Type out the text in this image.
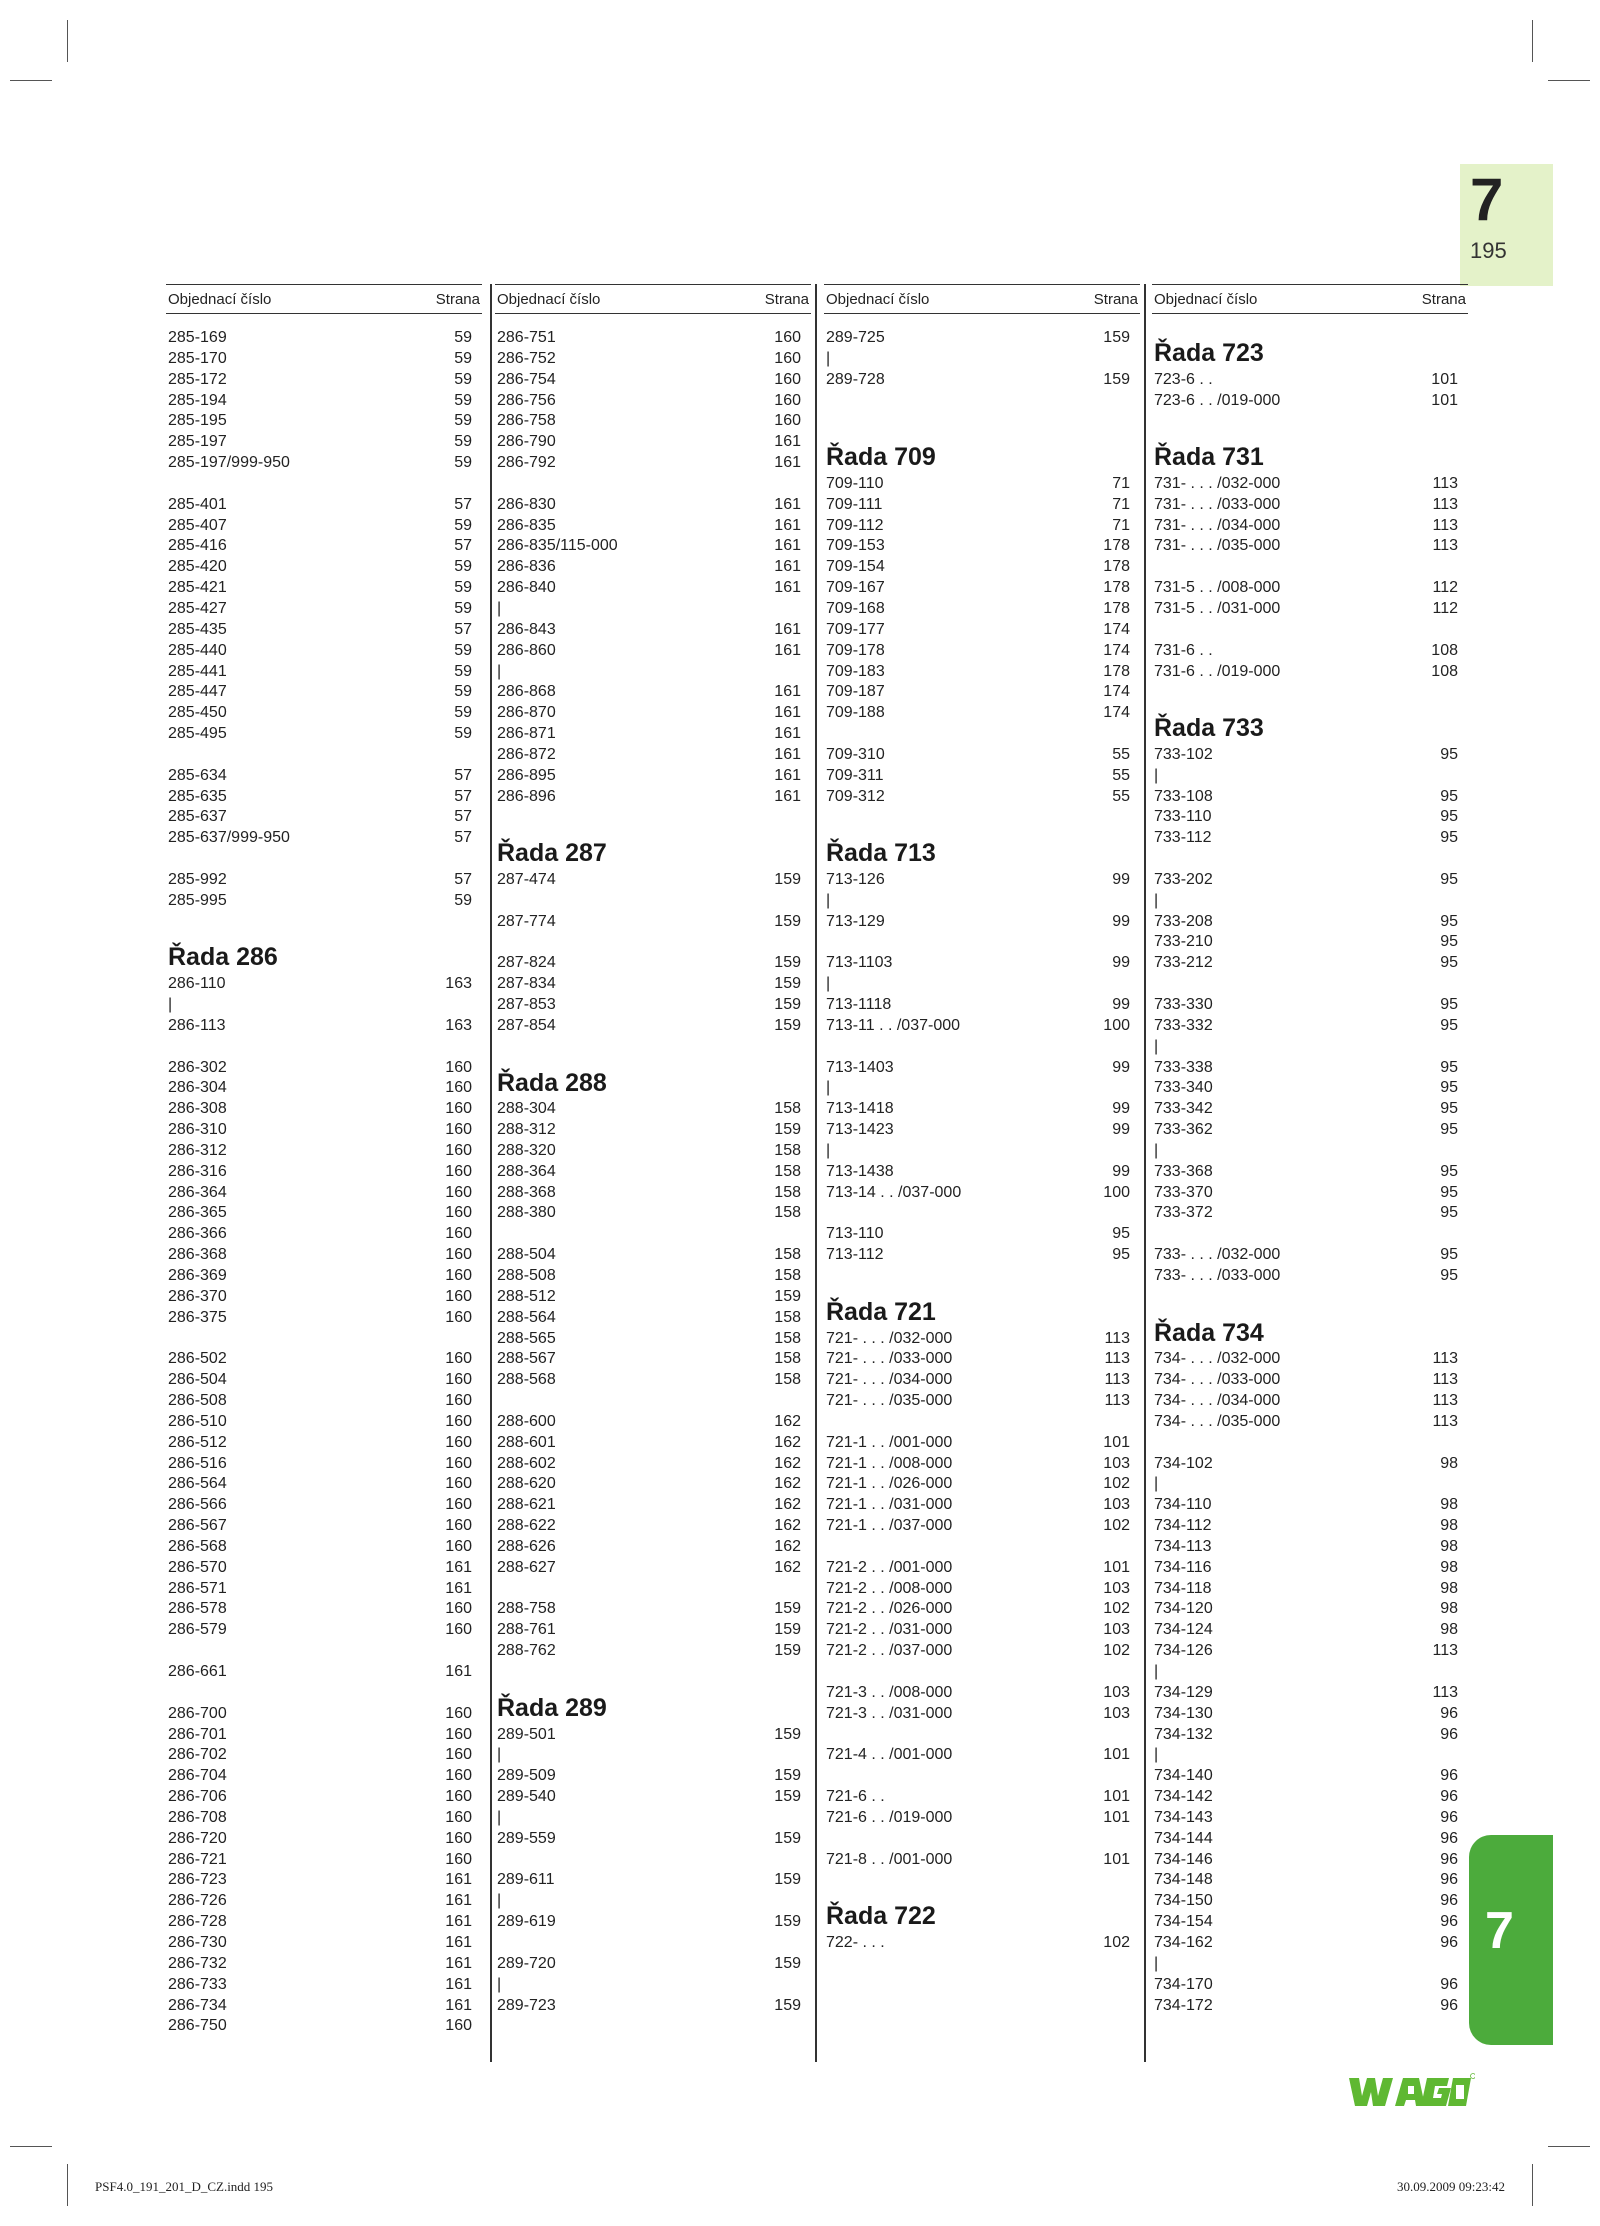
7
195
Objednací číslo	Strana
285-169	59
285-170	59
285-172	59
285-194	59
285-195	59
285-197	59
285-197/999-950	59
285-401	57
285-407	59
285-416	57
285-420	59
285-421	59
285-427	59
285-435	57
285-440	59
285-441	59
285-447	59
285-450	59
285-495	59
285-634	57
285-635	57
285-637	57
285-637/999-950	57
285-992	57
285-995	59
Řada 286
286-110	163
|
286-113	163
286-302	160
286-304	160
286-308	160
286-310	160
286-312	160
286-316	160
286-364	160
286-365	160
286-366	160
286-368	160
286-369	160
286-370	160
286-375	160
286-502	160
286-504	160
286-508	160
286-510	160
286-512	160
286-516	160
286-564	160
286-566	160
286-567	160
286-568	160
286-570	161
286-571	161
286-578	160
286-579	160
286-661	161
286-700	160
286-701	160
286-702	160
286-704	160
286-706	160
286-708	160
286-720	160
286-721	160
286-723	161
286-726	161
286-728	161
286-730	161
286-732	161
286-733	161
286-734	161
286-750	160
Objednací číslo	Strana
286-751	160
286-752	160
286-754	160
286-756	160
286-758	160
286-790	161
286-792	161
286-830	161
286-835	161
286-835/115-000	161
286-836	161
286-840	161
|
286-843	161
286-860	161
|
286-868	161
286-870	161
286-871	161
286-872	161
286-895	161
286-896	161
Řada 287
287-474	159
287-774	159
287-824	159
287-834	159
287-853	159
287-854	159
Řada 288
288-304	158
288-312	159
288-320	158
288-364	158
288-368	158
288-380	158
288-504	158
288-508	158
288-512	159
288-564	158
288-565	158
288-567	158
288-568	158
288-600	162
288-601	162
288-602	162
288-620	162
288-621	162
288-622	162
288-626	162
288-627	162
288-758	159
288-761	159
288-762	159
Řada 289
289-501	159
|
289-509	159
289-540	159
|
289-559	159
289-611	159
|
289-619	159
289-720	159
|
289-723	159
Objednací číslo	Strana
289-725	159
|
289-728	159
Řada 709
709-110	71
709-111	71
709-112	71
709-153	178
709-154	178
709-167	178
709-168	178
709-177	174
709-178	174
709-183	178
709-187	174
709-188	174
709-310	55
709-311	55
709-312	55
Řada 713
713-126	99
|
713-129	99
713-1103	99
|
713-1118	99
713-11 . . /037-000	100
713-1403	99
|
713-1418	99
713-1423	99
|
713-1438	99
713-14 . . /037-000	100
713-110	95
713-112	95
Řada 721
721- . . . /032-000	113
721- . . . /033-000	113
721- . . . /034-000	113
721- . . . /035-000	113
721-1 . . /001-000	101
721-1 . . /008-000	103
721-1 . . /026-000	102
721-1 . . /031-000	103
721-1 . . /037-000	102
721-2 . . /001-000	101
721-2 . . /008-000	103
721-2 . . /026-000	102
721-2 . . /031-000	103
721-2 . . /037-000	102
721-3 . . /008-000	103
721-3 . . /031-000	103
721-4 . . /001-000	101
721-6 . .	101
721-6 . . /019-000	101
721-8 . . /001-000	101
Řada 722
722- . . .	102
Objednací číslo	Strana
Řada 723
723-6 . .	101
723-6 . . /019-000	101
Řada 731
731- . . . /032-000	113
731- . . . /033-000	113
731- . . . /034-000	113
731- . . . /035-000	113
731-5 . . /008-000	112
731-5 . . /031-000	112
731-6 . .	108
731-6 . . /019-000	108
Řada 733
733-102	95
|
733-108	95
733-110	95
733-112	95
733-202	95
|
733-208	95
733-210	95
733-212	95
733-330	95
733-332	95
|
733-338	95
733-340	95
733-342	95
733-362	95
|
733-368	95
733-370	95
733-372	95
733- . . . /032-000	95
733- . . . /033-000	95
Řada 734
734- . . . /032-000	113
734- . . . /033-000	113
734- . . . /034-000	113
734- . . . /035-000	113
734-102	98
|
734-110	98
734-112	98
734-113	98
734-116	98
734-118	98
734-120	98
734-124	98
734-126	113
|
734-129	113
734-130	96
734-132	96
|
734-140	96
734-142	96
734-143	96
734-144	96
734-146	96
734-148	96
734-150	96
734-154	96
734-162	96
|
734-170	96
734-172	96
7
PSF4.0_191_201_D_CZ.indd 195	30.09.2009 09:23:42
